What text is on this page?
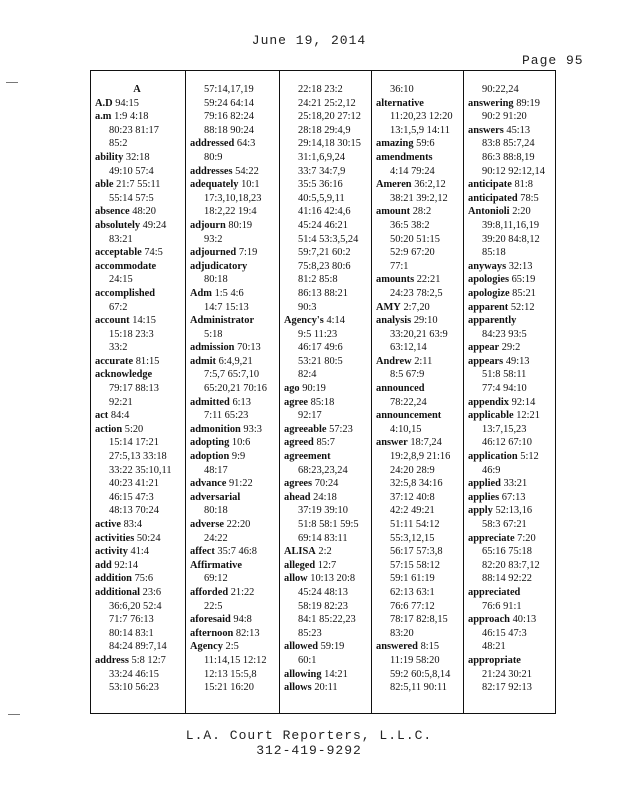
June 19, 2014
Page 95
A
A.D 94:15
a.m 1:9 4:18
80:23 81:17
85:2
ability 32:18
49:10 57:4
able 21:7 55:11
55:14 57:5
absence 48:20
absolutely 49:24
83:21
acceptable 74:5
accommodate
24:15
accomplished
67:2
account 14:15
15:18 23:3
33:2
accurate 81:15
acknowledge
79:17 88:13
92:21
act 84:4
action 5:20
15:14 17:21
27:5,13 33:18
33:22 35:10,11
40:23 41:21
46:15 47:3
48:13 70:24
active 83:4
activities 50:24
activity 41:4
add 92:14
addition 75:6
additional 23:6
36:6,20 52:4
71:7 76:13
80:14 83:1
84:24 89:7,14
address 5:8 12:7
33:24 46:15
53:10 56:23
57:14,17,19
59:24 64:14
79:16 82:24
88:18 90:24
addressed 64:3
80:9
addresses 54:22
adequately 10:1
17:3,10,18,23
18:2,22 19:4
adjourn 80:19
93:2
adjourned 7:19
adjudicatory
80:18
Adm 1:5 4:6
14:7 15:13
Administrator
5:18
admission 70:13
admit 6:4,9,21
7:5,7 65:7,10
65:20,21 70:16
admitted 6:13
7:11 65:23
admonition 93:3
adopting 10:6
adoption 9:9
48:17
advance 91:22
adversarial
80:18
adverse 22:20
24:22
affect 35:7 46:8
Affirmative
69:12
afforded 21:22
22:5
aforesaid 94:8
afternoon 82:13
Agency 2:5
11:14,15 12:12
12:13 15:5,8
15:21 16:20
22:18 23:2
24:21 25:2,12
25:18,20 27:12
28:18 29:4,9
29:14,18 30:15
31:1,6,9,24
33:7 34:7,9
35:5 36:16
40:5,5,9,11
41:16 42:4,6
45:24 46:21
51:4 53:3,5,24
59:7,21 60:2
75:8,23 80:6
81:2 85:8
86:13 88:21
90:3
Agency's 4:14
9:5 11:23
46:17 49:6
53:21 80:5
82:4
ago 90:19
agree 85:18
92:17
agreeable 57:23
agreed 85:7
agreement
68:23,23,24
agrees 70:24
ahead 24:18
37:19 39:10
51:8 58:1 59:5
69:14 83:11
ALISA 2:2
alleged 12:7
allow 10:13 20:8
45:24 48:13
58:19 82:23
84:1 85:22,23
85:23
allowed 59:19
60:1
allowing 14:21
allows 20:11
36:10
alternative
11:20,23 12:20
13:1,5,9 14:11
amazing 59:6
amendments
4:14 79:24
Ameren 36:2,12
38:21 39:2,12
amount 28:2
36:5 38:2
50:20 51:15
52:9 67:20
77:1
amounts 22:21
24:23 78:2,5
AMY 2:7,20
analysis 29:10
33:20,21 63:9
63:12,14
Andrew 2:11
8:5 67:9
announced
78:22,24
announcement
4:10,15
answer 18:7,24
19:2,8,9 21:16
24:20 28:9
32:5,8 34:16
37:12 40:8
42:2 49:21
51:11 54:12
55:3,12,15
56:17 57:3,8
57:15 58:12
59:1 61:19
62:13 63:1
76:6 77:12
78:17 82:8,15
83:20
answered 8:15
11:19 58:20
59:2 60:5,8,14
82:5,11 90:11
90:22,24
answering 89:19
90:2 91:20
answers 45:13
83:8 85:7,24
86:3 88:8,19
90:12 92:12,14
anticipate 81:8
anticipated 78:5
Antonioli 2:20
39:8,11,16,19
39:20 84:8,12
85:18
anyways 32:13
apologies 65:19
apologize 85:21
apparent 52:12
apparently
84:23 93:5
appear 29:2
appears 49:13
51:8 58:11
77:4 94:10
appendix 92:14
applicable 12:21
13:7,15,23
46:12 67:10
application 5:12
46:9
applied 33:21
applies 67:13
apply 52:13,16
58:3 67:21
appreciate 7:20
65:16 75:18
82:20 83:7,12
88:14 92:22
appreciated
76:6 91:1
approach 40:13
46:15 47:3
48:21
appropriate
21:24 30:21
82:17 92:13
L.A. Court Reporters, L.L.C.
312-419-9292
